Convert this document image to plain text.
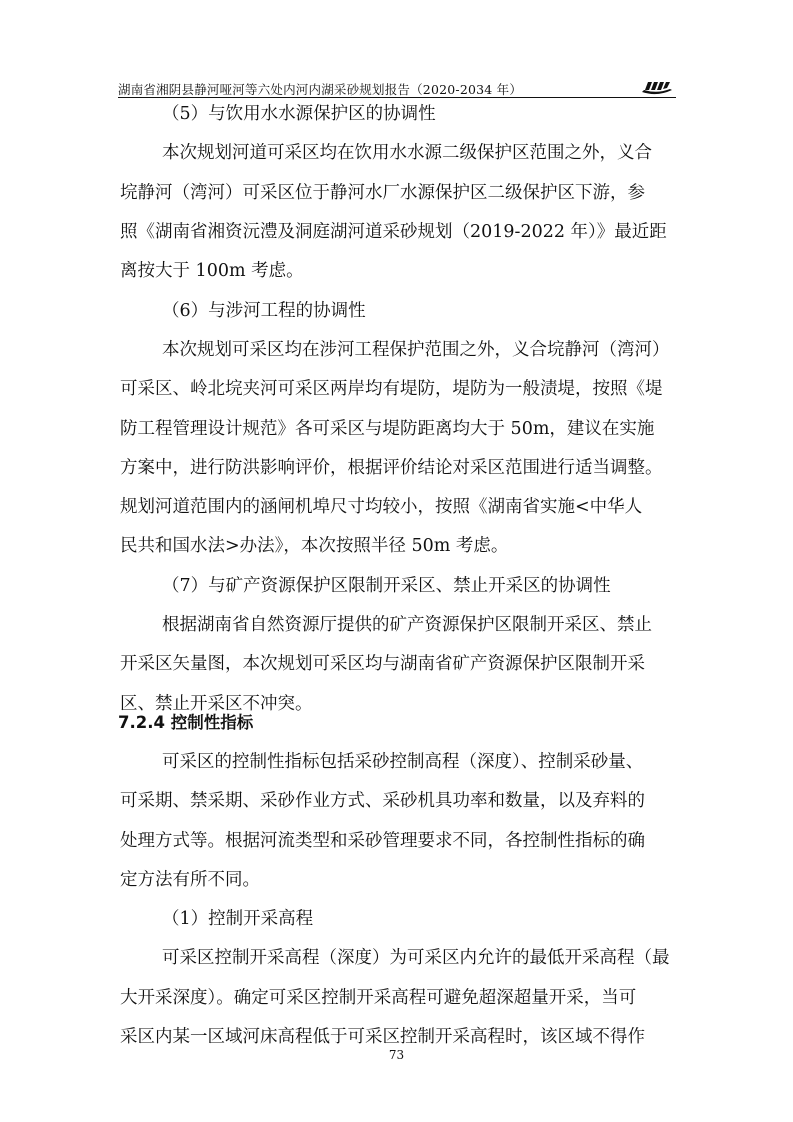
湖南省湘阴县静河哑河等六处内河内湖采砂规划报告（2020-2034 年）
（5）与饮用水水源保护区的协调性
本次规划河道可采区均在饮用水水源二级保护区范围之外，义合
垸静河（湾河）可采区位于静河水厂水源保护区二级保护区下游，参
照《湖南省湘资沅澧及洞庭湖河道采砂规划（2019-2022 年）》最近距
离按大于 100m 考虑。
（6）与涉河工程的协调性
本次规划可采区均在涉河工程保护范围之外，义合垸静河（湾河）
可采区、岭北垸夹河可采区两岸均有堤防，堤防为一般渍堤，按照《堤
防工程管理设计规范》各可采区与堤防距离均大于 50m，建议在实施
方案中，进行防洪影响评价，根据评价结论对采区范围进行适当调整。
规划河道范围内的涵闸机埠尺寸均较小，按照《湖南省实施<中华人
民共和国水法>办法》，本次按照半径 50m 考虑。
（7）与矿产资源保护区限制开采区、禁止开采区的协调性
根据湖南省自然资源厅提供的矿产资源保护区限制开采区、禁止
开采区矢量图，本次规划可采区均与湖南省矿产资源保护区限制开采
区、禁止开采区不冲突。
7.2.4 控制性指标
可采区的控制性指标包括采砂控制高程（深度）、控制采砂量、
可采期、禁采期、采砂作业方式、采砂机具功率和数量，以及弃料的
处理方式等。根据河流类型和采砂管理要求不同，各控制性指标的确
定方法有所不同。
（1）控制开采高程
可采区控制开采高程（深度）为可采区内允许的最低开采高程（最
大开采深度）。确定可采区控制开采高程可避免超深超量开采，当可
采区内某一区域河床高程低于可采区控制开采高程时，该区域不得作
73
